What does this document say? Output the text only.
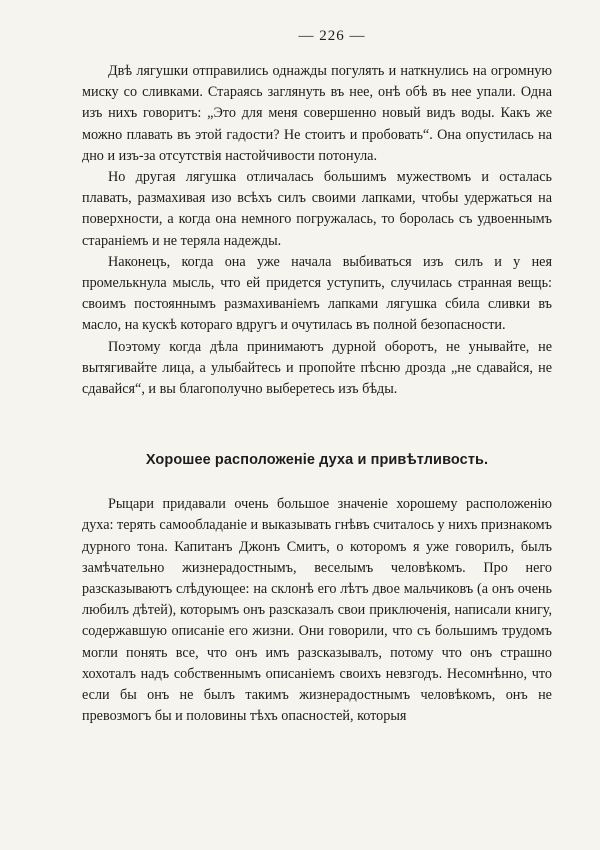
— 226 —

Двѣ лягушки отправились однажды погулять и наткнулись на огромную миску со сливками. Стараясь заглянуть въ нее, онѣ обѣ въ нее упали. Одна изъ нихъ говоритъ: „Это для меня совершенно новый видъ воды. Какъ же можно плавать въ этой гадости? Не стоитъ и пробовать“. Она опустилась на дно и изъ-за отсутствія настойчивости потонула.

Но другая лягушка отличалась большимъ мужествомъ и осталась плавать, размахивая изо всѣхъ силъ своими лапками, чтобы удержаться на поверхности, а когда она немного погружалась, то боролась съ удвоеннымъ стараніемъ и не теряла надежды.

Наконецъ, когда она уже начала выбиваться изъ силъ и у нея промелькнула мысль, что ей придется уступить, случилась странная вещь: своимъ постояннымъ размахиваніемъ лапками лягушка сбила сливки въ масло, на кускѣ котораго вдругъ и очутилась въ полной безопасности.

Поэтому когда дѣла принимаютъ дурной оборотъ, не унывайте, не вытягивайте лица, а улыбайтесь и пропойте пѣсню дрозда „не сдавайся, не сдавайся“, и вы благополучно выберетесь изъ бѣды.

Хорошее расположеніе духа и привѣтливость.

Рыцари придавали очень большое значеніе хорошему расположенію духа: терять самообладаніе и выказывать гнѣвъ считалось у нихъ признакомъ дурного тона. Капитанъ Джонъ Смитъ, о которомъ я уже говорилъ, былъ замѣчательно жизнерадостнымъ, веселымъ человѣкомъ. Про него разсказываютъ слѣдующее: на склонѣ его лѣтъ двое мальчиковъ (а онъ очень любилъ дѣтей), которымъ онъ разсказалъ свои приключенія, написали книгу, содержавшую описаніе его жизни. Они говорили, что съ большимъ трудомъ могли понять все, что онъ имъ разсказывалъ, потому что онъ страшно хохоталъ надъ собственнымъ описаніемъ своихъ невзгодъ. Несомнѣнно, что если бы онъ не былъ такимъ жизнерадостнымъ человѣкомъ, онъ не превозмогъ бы и половины тѣхъ опасностей, которыя
